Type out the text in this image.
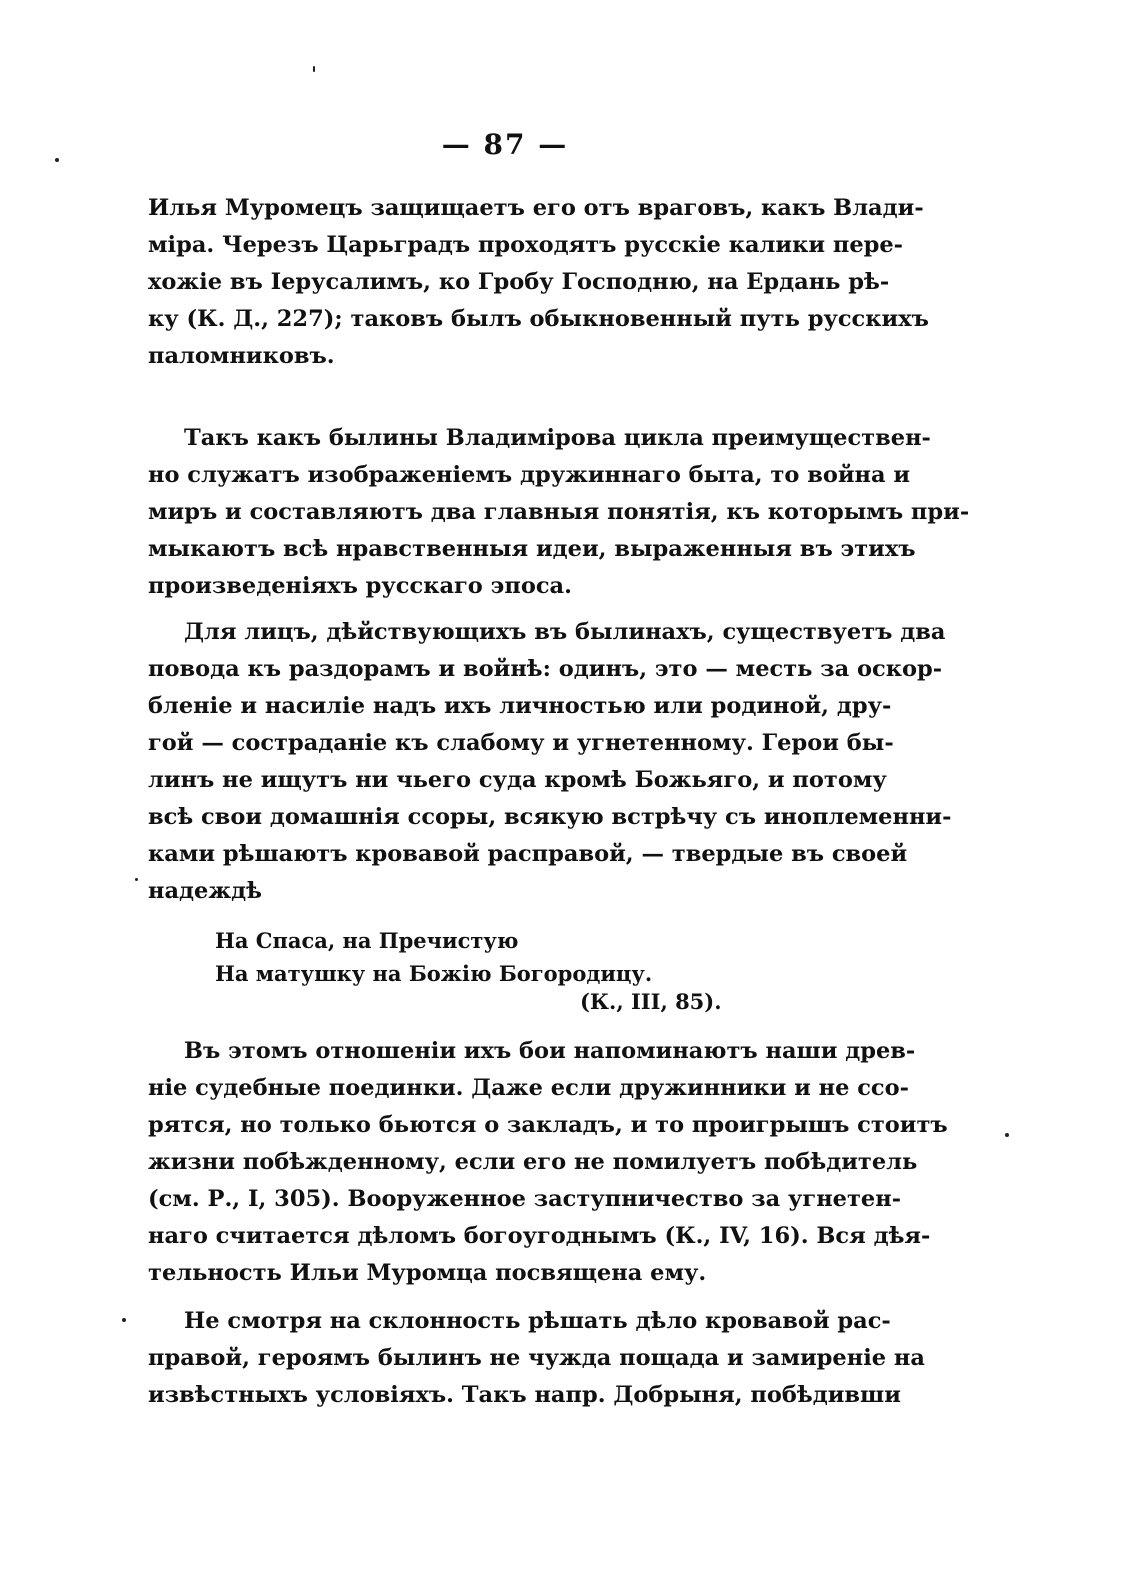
— 87 —
Илья Муромецъ защищаетъ его отъ враговъ, какъ Влади-
міра. Черезъ Царьградъ проходятъ русскіе калики пере-
хожіе въ Іерусалимъ, ко Гробу Господню, на Ердань рѣ-
ку (К. Д., 227); таковъ былъ обыкновенный путь русскихъ
паломниковъ.
Такъ какъ былины Владимірова цикла преимуществен-
но служатъ изображеніемъ дружиннаго быта, то война и
миръ и составляютъ два главныя понятія, къ которымъ при-
мыкаютъ всѣ нравственныя идеи, выраженныя въ этихъ
произведеніяхъ русскаго эпоса.
Для лицъ, дѣйствующихъ въ былинахъ, существуетъ два
повода къ раздорамъ и войнѣ: одинъ, это — месть за оскор-
бленіе и насиліе надъ ихъ личностью или родиной, дру-
гой — состраданіе къ слабому и угнетенному. Герои бы-
линъ не ищутъ ни чьего суда кромѣ Божьяго, и потому
всѣ свои домашнія ссоры, всякую встрѣчу съ иноплеменни-
ками рѣшаютъ кровавой расправой, — твердые въ своей
надеждѣ
На Спаса, на Пречистую
На матушку на Божію Богородицу.
(К., III, 85).
Въ этомъ отношеніи ихъ бои напоминаютъ наши древ-
ніе судебные поединки. Даже если дружинники и не ссо-
рятся, но только бьются о закладъ, и то проигрышъ стоитъ
жизни побѣжденному, если его не помилуетъ побѣдитель
(см. Р., I, 305). Вооруженное заступничество за угнетен-
наго считается дѣломъ богоугоднымъ (К., IV, 16). Вся дѣя-
тельность Ильи Муромца посвящена ему.
Не смотря на склонность рѣшать дѣло кровавой рас-
правой, героямъ былинъ не чужда пощада и замиреніе на
извѣстныхъ условіяхъ. Такъ напр. Добрыня, побѣдивши
